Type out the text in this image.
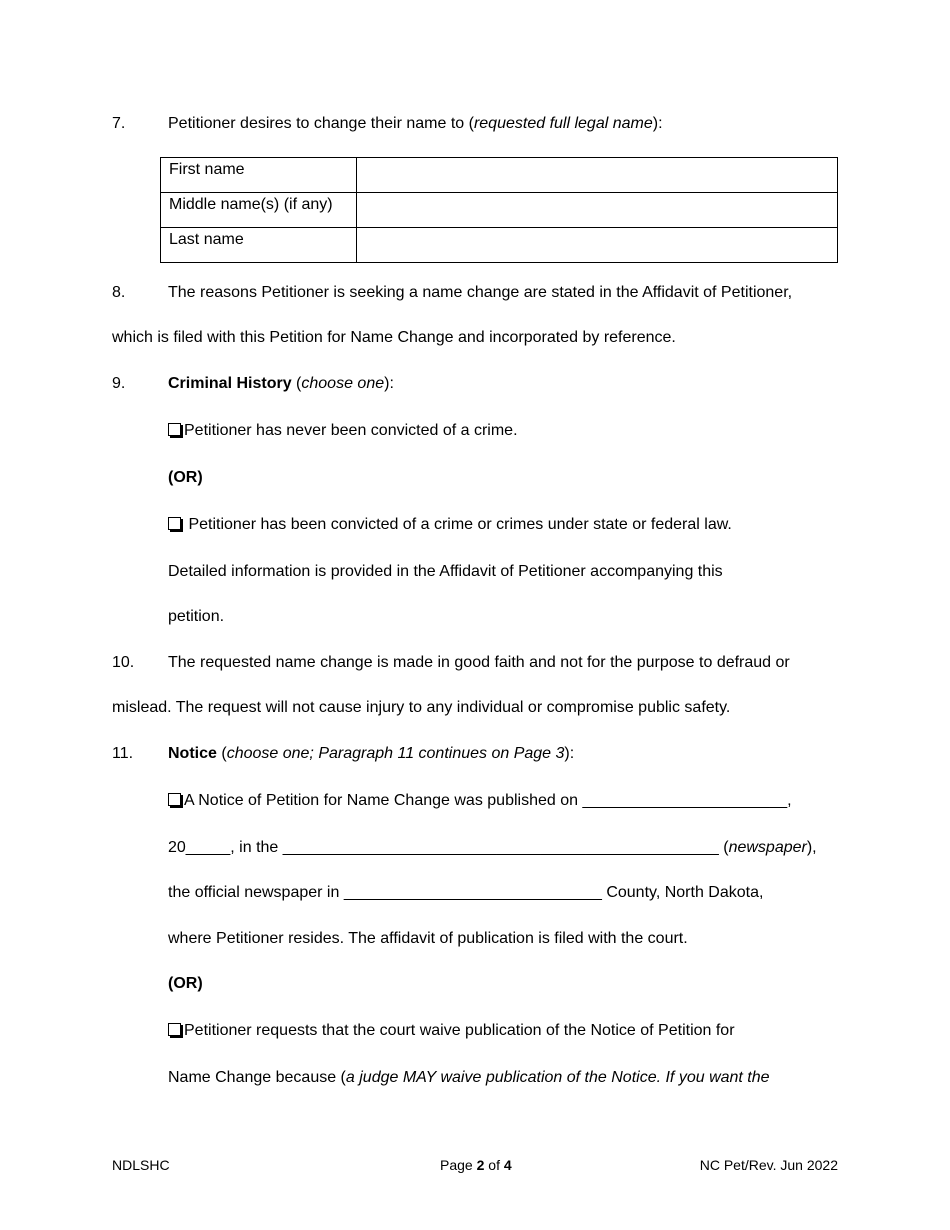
7.	Petitioner desires to change their name to (requested full legal name):
First name	
Middle name(s) (if any)	
Last name	
8.	The reasons Petitioner is seeking a name change are stated in the Affidavit of Petitioner,
which is filed with this Petition for Name Change and incorporated by reference.
9.	Criminal History (choose one):
Petitioner has never been convicted of a crime.
(OR)
Petitioner has been convicted of a crime or crimes under state or federal law.
Detailed information is provided in the Affidavit of Petitioner accompanying this
petition.
10. The requested name change is made in good faith and not for the purpose to defraud or
mislead. The request will not cause injury to any individual or compromise public safety.
11. Notice (choose one; Paragraph 11 continues on Page 3):
A Notice of Petition for Name Change was published on _______________________,
20_____, in the _________________________________________________ (newspaper),
the official newspaper in _____________________________ County, North Dakota,
where Petitioner resides. The affidavit of publication is filed with the court.
(OR)
Petitioner requests that the court waive publication of the Notice of Petition for
Name Change because (a judge MAY waive publication of the Notice. If you want the
NDLSHC	Page 2 of 4	NC Pet/Rev. Jun 2022
